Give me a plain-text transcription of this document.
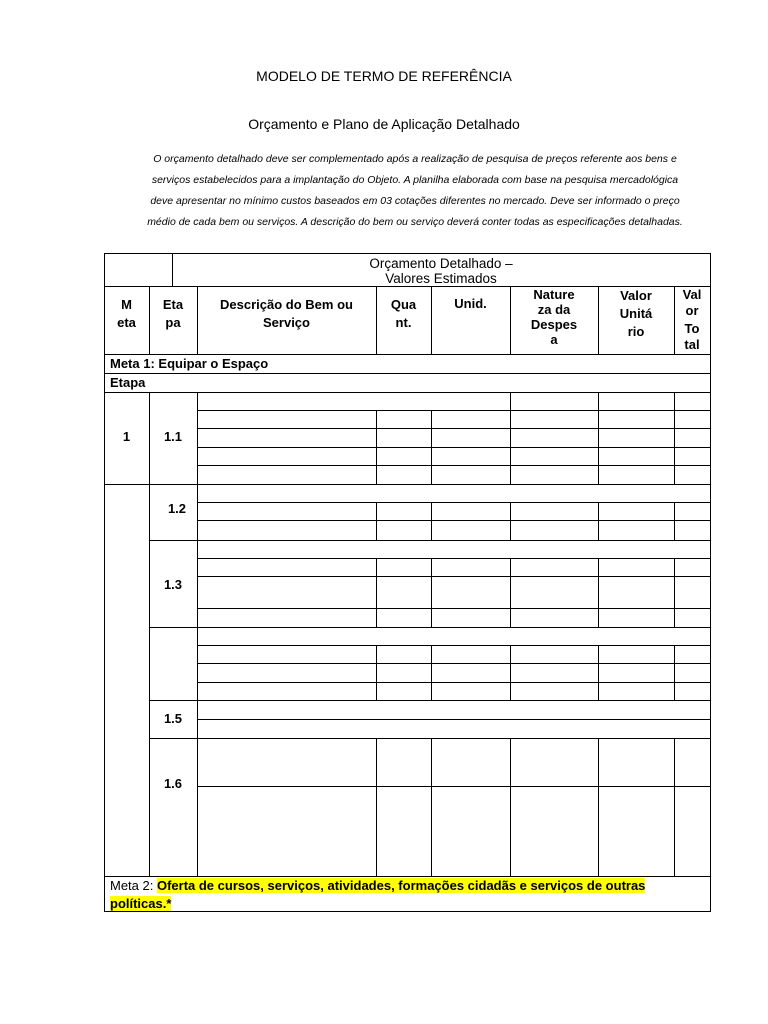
MODELO DE TERMO DE REFERÊNCIA
Orçamento e Plano de Aplicação Detalhado

O orçamento detalhado deve ser complementado após a realização de pesquisa de preços referente aos bens e serviços estabelecidos para a implantação do Objeto. A planilha elaborada com base na pesquisa mercadológica deve apresentar no mínimo custos baseados em 03 cotações diferentes no mercado. Deve ser informado o preço médio de cada bem ou serviços. A descrição do bem ou serviço deverá conter todas as especificações detalhadas.

Orçamento Detalhado –
Valores Estimados
M
eta
Eta
pa
Descrição do Bem ou
Serviço
Qua
nt.
Unid.
Nature
za da
Despes
a
Valor
Unitá
rio
Val
or
To
tal
Meta 1: Equipar o Espaço
Etapa
1	1.1
1.2
1.3
1.5
1.6
Meta 2: Oferta de cursos, serviços, atividades, formações cidadãs e serviços de outras
políticas.*
